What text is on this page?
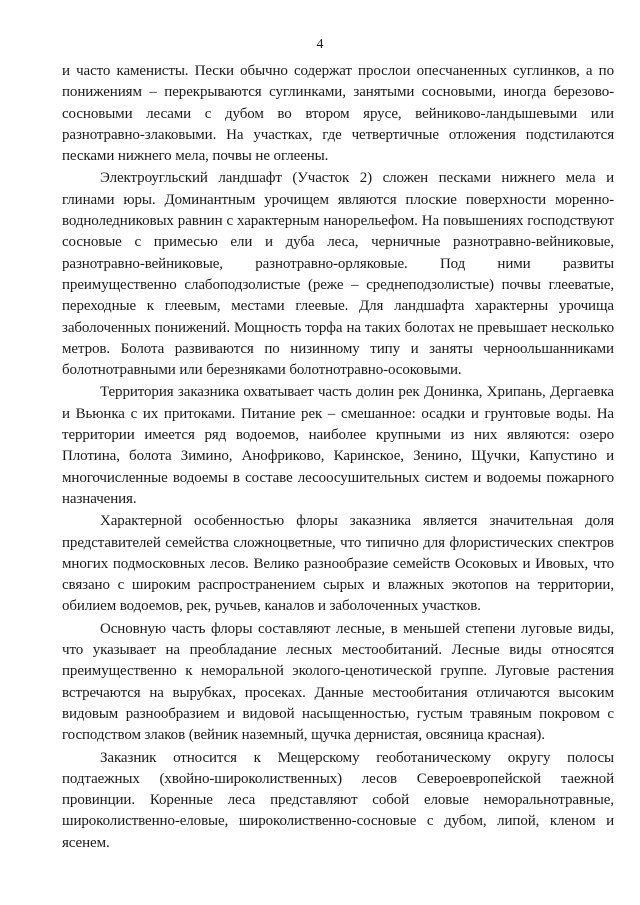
4

и часто каменисты. Пески обычно содержат прослои опесчаненных суглинков, а по понижениям – перекрываются суглинками, занятыми сосновыми, иногда березово-сосновыми лесами с дубом во втором ярусе, вейниково-ландышевыми или разнотравно-злаковыми. На участках, где четвертичные отложения подстилаются песками нижнего мела, почвы не оглеены.

Электроугльский ландшафт (Участок 2) сложен песками нижнего мела и глинами юры. Доминантным урочищем являются плоские поверхности моренно-водноледниковых равнин с характерным нанорельефом. На повышениях господствуют сосновые с примесью ели и дуба леса, черничные разнотравно-вейниковые, разнотравно-вейниковые, разнотравно-орляковые. Под ними развиты преимущественно слабоподзолистые (реже – среднеподзолистые) почвы глееватые, переходные к глеевым, местами глеевые. Для ландшафта характерны урочища заболоченных понижений. Мощность торфа на таких болотах не превышает несколько метров. Болота развиваются по низинному типу и заняты черноольшанниками болотнотравными или березняками болотнотравно-осоковыми.

Территория заказника охватывает часть долин рек Донинка, Хрипань, Дергаевка и Вьюнка с их притоками. Питание рек – смешанное: осадки и грунтовые воды. На территории имеется ряд водоемов, наиболее крупными из них являются: озеро Плотина, болота Зимино, Анофриково, Каринское, Зенино, Щучки, Капустино и многочисленные водоемы в составе лесоосушительных систем и водоемы пожарного назначения.

Характерной особенностью флоры заказника является значительная доля представителей семейства сложноцветные, что типично для флористических спектров многих подмосковных лесов. Велико разнообразие семейств Осоковых и Ивовых, что связано с широким распространением сырых и влажных экотопов на территории, обилием водоемов, рек, ручьев, каналов и заболоченных участков.

Основную часть флоры составляют лесные, в меньшей степени луговые виды, что указывает на преобладание лесных местообитаний. Лесные виды относятся преимущественно к неморальной эколого-ценотической группе. Луговые растения встречаются на вырубках, просеках. Данные местообитания отличаются высоким видовым разнообразием и видовой насыщенностью, густым травяным покровом с господством злаков (вейник наземный, щучка дернистая, овсяница красная).

Заказник относится к Мещерскому геоботаническому округу полосы подтаежных (хвойно-широколиственных) лесов Североевропейской таежной провинции. Коренные леса представляют собой еловые неморальнотравные, широколиственно-еловые, широколиственно-сосновые с дубом, липой, кленом и ясенем.
